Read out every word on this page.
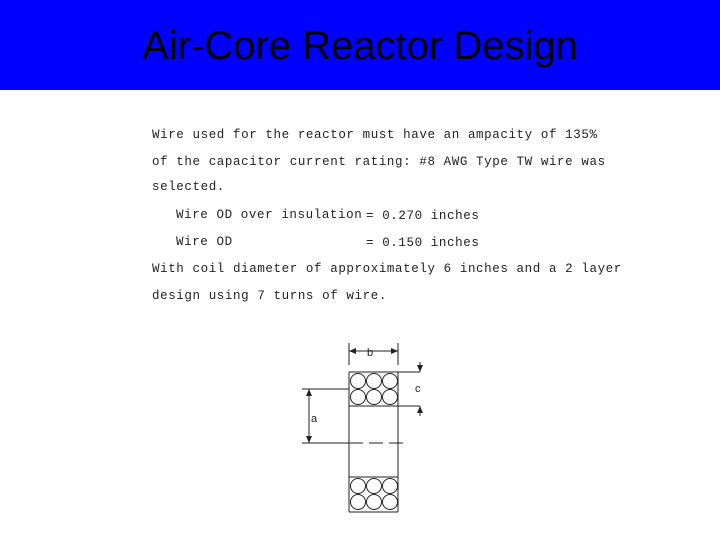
Air-Core Reactor Design
Wire used for the reactor must have an ampacity of 135%
of the capacitor current rating: #8 AWG Type TW wire was
selected.
Wire OD over insulation = 0.270 inches
Wire OD	= 0.150 inches
With coil diameter of approximately 6 inches and a 2 layer
design using 7 turns of wire.
b
c
a
